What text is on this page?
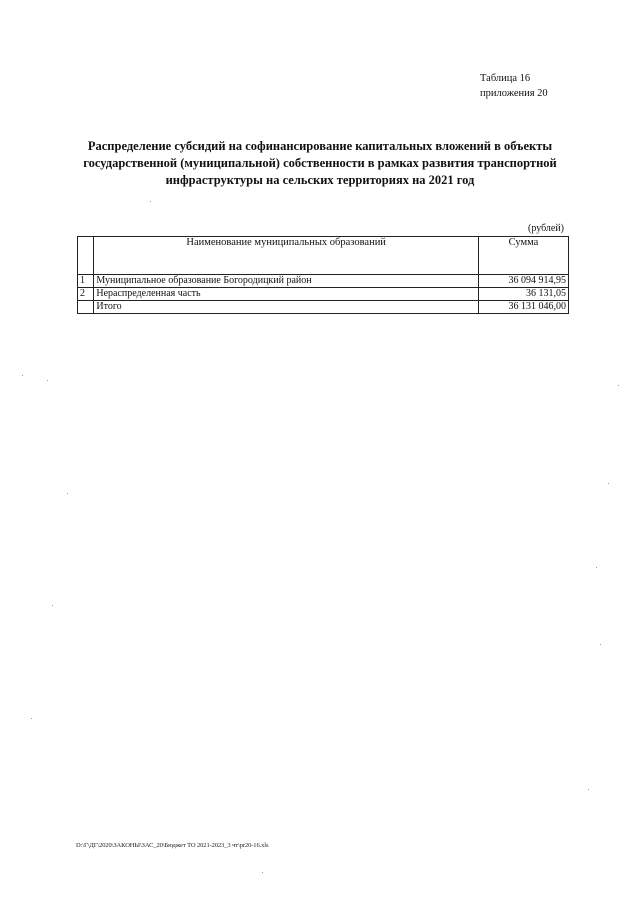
Таблица 16
приложения 20
Распределение субсидий на софинансирование капитальных вложений в объекты
государственной (муниципальной) собственности в рамках развития транспортной
инфраструктуры на сельских территориях на 2021 год
(рублей)
	Наименование муниципальных образований	Сумма
1	Муниципальное образование Богородицкий район	36 094 914,95
2	Нераспределенная часть	36 131,05
	Итого	36 131 046,00
D:\Г\ДГ\2020\ЗАКОНЫ\ЗАС_20\Бюджет ТО 2021-2023_3 чт\pr20-16.xls
